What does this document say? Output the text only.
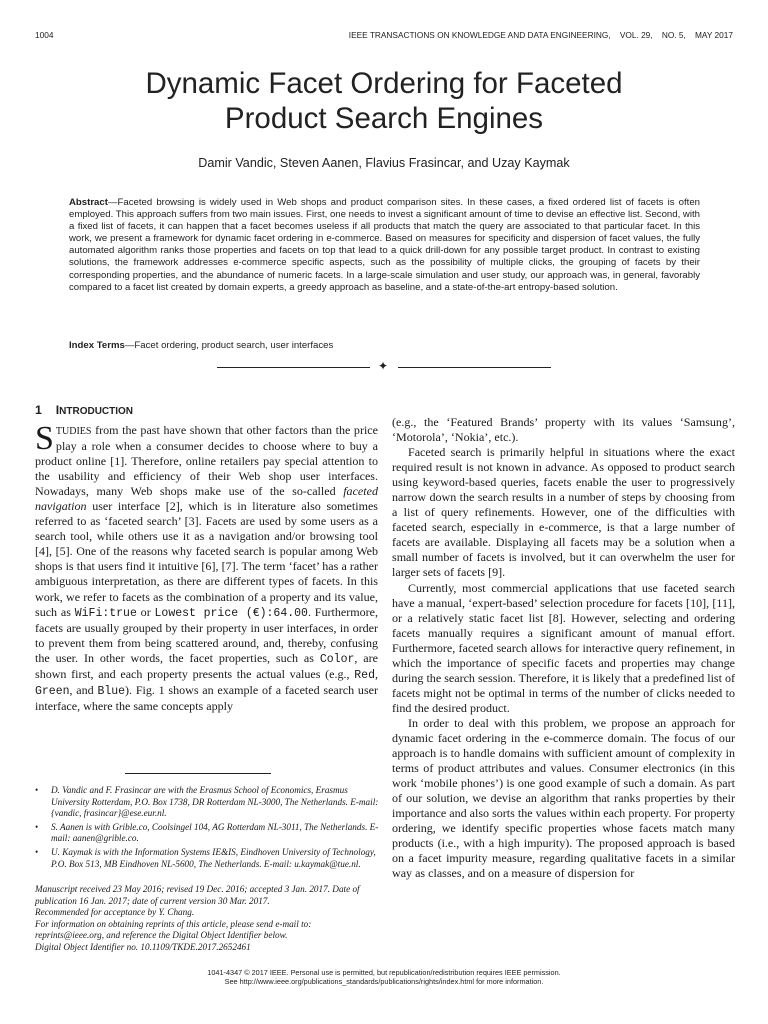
1004	IEEE TRANSACTIONS ON KNOWLEDGE AND DATA ENGINEERING,    VOL. 29,    NO. 5,    MAY 2017
Dynamic Facet Ordering for Faceted
Product Search Engines
Damir Vandic, Steven Aanen, Flavius Frasincar, and Uzay Kaymak
Abstract—Faceted browsing is widely used in Web shops and product comparison sites. In these cases, a fixed ordered list of facets is often employed. This approach suffers from two main issues. First, one needs to invest a significant amount of time to devise an effective list. Second, with a fixed list of facets, it can happen that a facet becomes useless if all products that match the query are associated to that particular facet. In this work, we present a framework for dynamic facet ordering in e-commerce. Based on measures for specificity and dispersion of facet values, the fully automated algorithm ranks those properties and facets on top that lead to a quick drill-down for any possible target product. In contrast to existing solutions, the framework addresses e-commerce specific aspects, such as the possibility of multiple clicks, the grouping of facets by their corresponding properties, and the abundance of numeric facets. In a large-scale simulation and user study, our approach was, in general, favorably compared to a facet list created by domain experts, a greedy approach as baseline, and a state-of-the-art entropy-based solution.
Index Terms—Facet ordering, product search, user interfaces
✦
1 INTRODUCTION

STUDIES from the past have shown that other factors than the price play a role when a consumer decides to choose where to buy a product online [1]. Therefore, online retailers pay special attention to the usability and efficiency of their Web shop user interfaces. Nowadays, many Web shops make use of the so-called faceted navigation user interface [2], which is in literature also sometimes referred to as ‘faceted search’ [3]. Facets are used by some users as a search tool, while others use it as a navigation and/or browsing tool [4], [5]. One of the reasons why faceted search is popular among Web shops is that users find it intuitive [6], [7]. The term ‘facet’ has a rather ambiguous interpretation, as there are different types of facets. In this work, we refer to facets as the combination of a property and its value, such as WiFi:true or Lowest price (€):64.00. Furthermore, facets are usually grouped by their property in user interfaces, in order to prevent them from being scattered around, and, thereby, confusing the user. In other words, the facet properties, such as Color, are shown first, and each property presents the actual values (e.g., Red, Green, and Blue). Fig. 1 shows an example of a faceted search user interface, where the same concepts apply

(e.g., the ‘Featured Brands’ property with its values ‘Samsung’, ‘Motorola’, ‘Nokia’, etc.).

Faceted search is primarily helpful in situations where the exact required result is not known in advance. As opposed to product search using keyword-based queries, facets enable the user to progressively narrow down the search results in a number of steps by choosing from a list of query refinements. However, one of the difficulties with faceted search, especially in e-commerce, is that a large number of facets are available. Displaying all facets may be a solution when a small number of facets is involved, but it can overwhelm the user for larger sets of facets [9].

Currently, most commercial applications that use faceted search have a manual, ‘expert-based’ selection procedure for facets [10], [11], or a relatively static facet list [8]. However, selecting and ordering facets manually requires a significant amount of manual effort. Furthermore, faceted search allows for interactive query refinement, in which the importance of specific facets and properties may change during the search session. Therefore, it is likely that a predefined list of facets might not be optimal in terms of the number of clicks needed to find the desired product.

In order to deal with this problem, we propose an approach for dynamic facet ordering in the e-commerce domain. The focus of our approach is to handle domains with sufficient amount of complexity in terms of product attributes and values. Consumer electronics (in this work ‘mobile phones’) is one good example of such a domain. As part of our solution, we devise an algorithm that ranks properties by their importance and also sorts the values within each property. For property ordering, we identify specific properties whose facets match many products (i.e., with a high impurity). The proposed approach is based on a facet impurity measure, regarding qualitative facets in a similar way as classes, and on a measure of dispersion for

• D. Vandic and F. Frasincar are with the Erasmus School of Economics, Erasmus University Rotterdam, P.O. Box 1738, DR Rotterdam NL-3000, The Netherlands. E-mail: {vandic, frasincar}@ese.eur.nl.
• S. Aanen is with Grible.co, Coolsingel 104, AG Rotterdam NL-3011, The Netherlands. E-mail: aanen@grible.co.
• U. Kaymak is with the Information Systems IE&IS, Eindhoven University of Technology, P.O. Box 513, MB Eindhoven NL-5600, The Netherlands. E-mail: u.kaymak@tue.nl.
Manuscript received 23 May 2016; revised 19 Dec. 2016; accepted 3 Jan. 2017. Date of publication 16 Jan. 2017; date of current version 30 Mar. 2017.
Recommended for acceptance by Y. Chang.
For information on obtaining reprints of this article, please send e-mail to: reprints@ieee.org, and reference the Digital Object Identifier below.
Digital Object Identifier no. 10.1109/TKDE.2017.2652461
1041-4347 © 2017 IEEE. Personal use is permitted, but republication/redistribution requires IEEE permission.
See http://www.ieee.org/publications_standards/publications/rights/index.html for more information.
